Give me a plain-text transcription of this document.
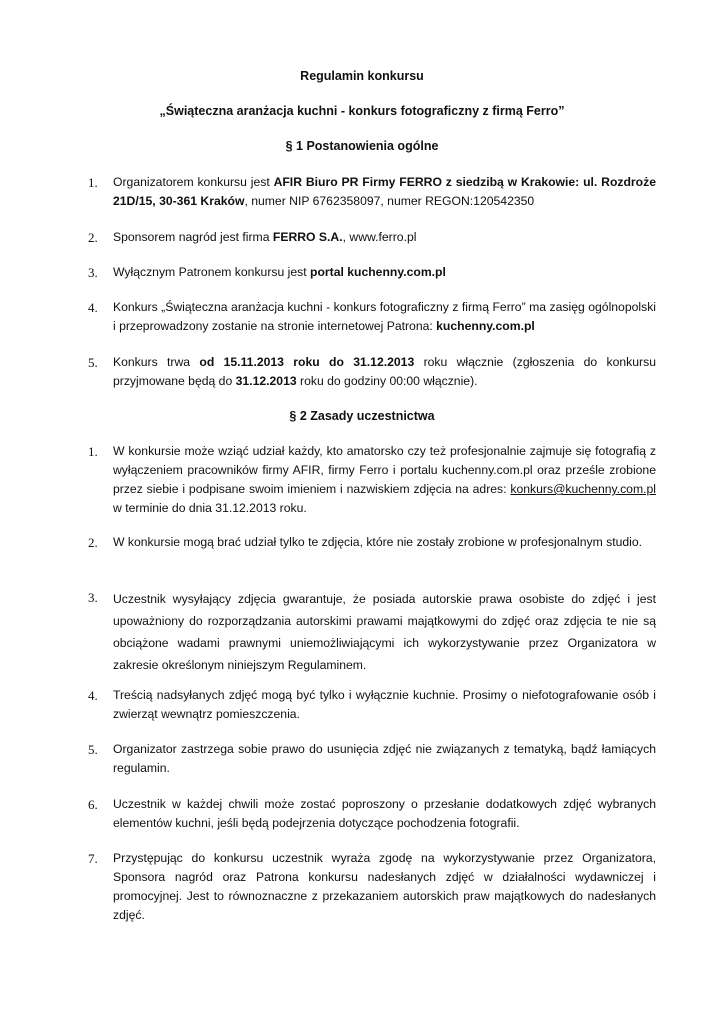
Regulamin konkursu
„Świąteczna aranżacja kuchni - konkurs fotograficzny z firmą Ferro”
§ 1 Postanowienia ogólne
1.	Organizatorem konkursu jest AFIR Biuro PR Firmy FERRO z siedzibą w Krakowie: ul. Rozdroże 21D/15, 30-361 Kraków, numer NIP 6762358097, numer REGON:120542350
2.	Sponsorem nagród jest firma FERRO S.A., www.ferro.pl
3.	Wyłącznym Patronem konkursu jest portal kuchenny.com.pl
4.	Konkurs „Świąteczna aranżacja kuchni - konkurs fotograficzny z firmą Ferro” ma zasięg ogólnopolski i przeprowadzony zostanie na stronie internetowej Patrona: kuchenny.com.pl
5.	Konkurs trwa od 15.11.2013 roku do 31.12.2013 roku włącznie (zgłoszenia do konkursu przyjmowane będą do 31.12.2013 roku do godziny 00:00 włącznie).
§ 2 Zasady uczestnictwa
1.	W konkursie może wziąć udział każdy, kto amatorsko czy też profesjonalnie zajmuje się fotografią z wyłączeniem pracowników firmy AFIR, firmy Ferro i portalu kuchenny.com.pl oraz prześle zrobione przez siebie i podpisane swoim imieniem i nazwiskiem zdjęcia na adres: konkurs@kuchenny.com.pl w terminie do dnia 31.12.2013 roku.
2.	W konkursie mogą brać udział tylko te zdjęcia, które nie zostały zrobione w profesjonalnym studio.
3.	Uczestnik wysyłający zdjęcia gwarantuje, że posiada autorskie prawa osobiste do zdjęć i jest upoważniony do rozporządzania autorskimi prawami majątkowymi do zdjęć oraz zdjęcia te nie są obciążone wadami prawnymi uniemożliwiającymi ich wykorzystywanie przez Organizatora w zakresie określonym niniejszym Regulaminem.
4.	Treścią nadsyłanych zdjęć mogą być tylko i wyłącznie kuchnie. Prosimy o niefotografowanie osób i zwierząt wewnątrz pomieszczenia.
5.	Organizator zastrzega sobie prawo do usunięcia zdjęć nie związanych z tematyką, bądź łamiących regulamin.
6.	Uczestnik w każdej chwili może zostać poproszony o przesłanie dodatkowych zdjęć wybranych elementów kuchni, jeśli będą podejrzenia dotyczące pochodzenia fotografii.
7.	Przystępując do konkursu uczestnik wyraża zgodę na wykorzystywanie przez Organizatora, Sponsora nagród oraz Patrona konkursu nadesłanych zdjęć w działalności wydawniczej i promocyjnej. Jest to równoznaczne z przekazaniem autorskich praw majątkowych do nadesłanych zdjęć.
